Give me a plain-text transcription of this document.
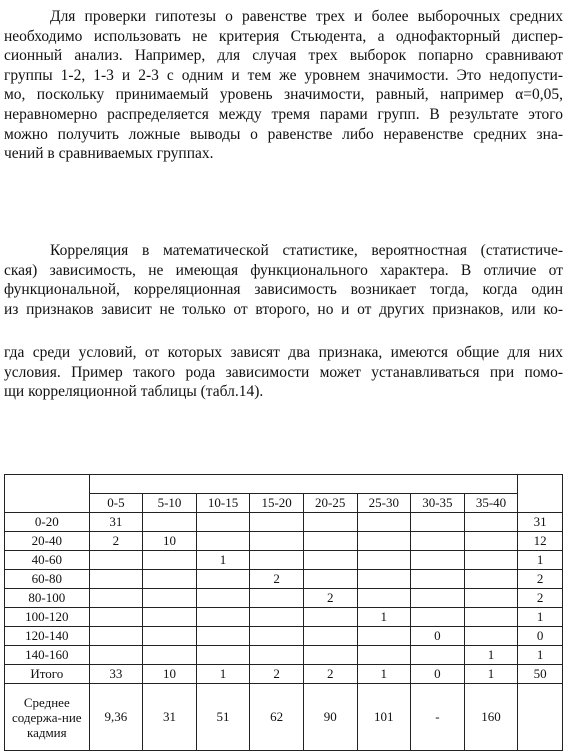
Для проверки гипотезы о равенстве трех и более выборочных средних
необходимо использовать не критерия Стьюдента, а однофакторный диспер-
сионный анализ. Например, для случая трех выборок попарно сравнивают
группы 1-2, 1-3 и 2-3 с одним и тем же уровнем значимости. Это недопусти-
мо, поскольку принимаемый уровень значимости, равный, например α=0,05,
неравномерно распределяется между тремя парами групп. В результате этого
можно получить ложные выводы о равенстве либо неравенстве средних зна-
чений в сравниваемых группах.
Корреляция в математической статистике, вероятностная (статистиче-
ская) зависимость, не имеющая функционального характера. В отличие от
функциональной, корреляционная зависимость возникает тогда, когда один
из признаков зависит не только от второго, но и от других признаков, или ко-
гда среди условий, от которых зависят два признака, имеются общие для них
условия. Пример такого рода зависимости может устанавливаться при помо-
щи корреляционной таблицы (табл.14).

	0-5	5-10	10-15	15-20	20-25	25-30	30-35	35-40	
0-20	31								31
20-40	2	10							12
40-60			1						1
60-80				2					2
80-100					2				2
100-120						1			1
120-140							0		0
140-160								1	1
Итого	33	10	1	2	2	1	0	1	50
Среднее содержа-ние кадмия	9,36	31	51	62	90	101	-	160	
